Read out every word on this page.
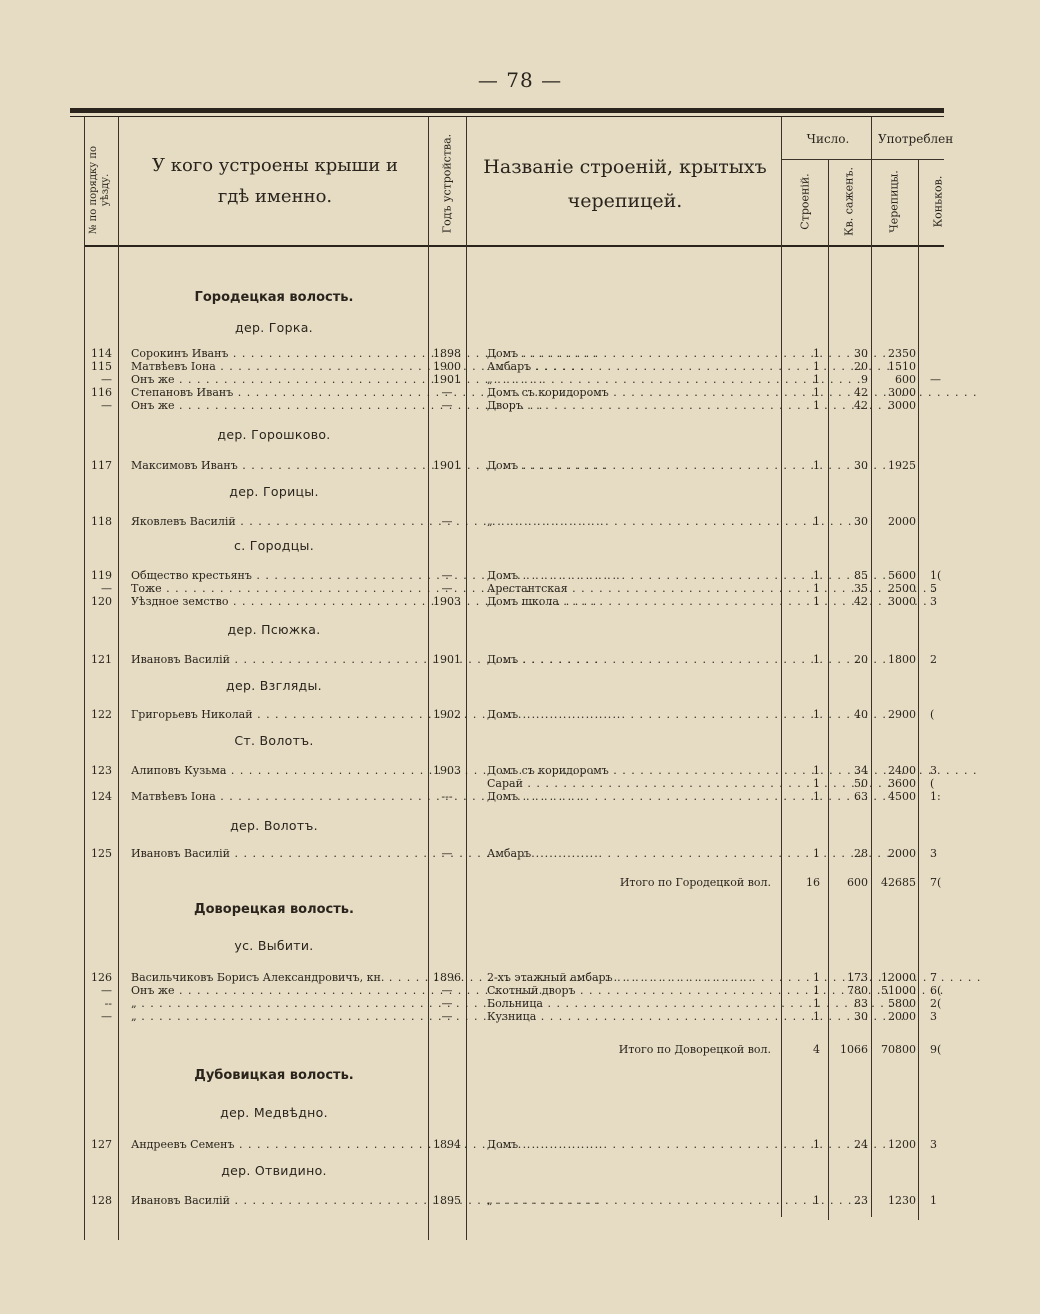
— 78 —
№ по порядку по уѣзду.
У кого устроены крыши и
гдѣ именно.	Годъ устройства.	Названіе строеній, крытыхъ
черепицей.
Число.
Строеній.	Кв. саженъ.
Употреблен
Черепицы.	Коньков.
Городецкая волость.
Доворецкая волость.
Дубовицкая волость.
дер. Горка.
дер. Горошково.
дер. Горицы.
с. Городцы.
дер. Псюжка.
дер. Взгляды.
Ст. Волотъ.
дер. Волотъ.
ус. Выбити.
дер. Медвѣдно.
дер. Отвидино.
114 Сорокинъ Иванъ . . .	1898 Домъ . . .	1	30	2350
115 Матвѣевъ Іона . . .	1900 Амбаръ . . .	1	20	1510
— Онъ же . . .	1901 „ . . .	1	9	600 —
116 Степановъ Иванъ . . .	—	Домъ съ коридоромъ . . .	1	42	3000
— Онъ же . . .	—	Дворъ . . .	1	42	3000
117 Максимовъ Иванъ . . .	1901 Домъ . . .	1	30	1925
118 Яковлевъ Василій . . .	—	„ . . .	1	30	2000
119 Общество крестьянъ . . .	—	Домъ . . .	1	85	5600 1(
— Тоже . . .	—	Арестантская . . .	1	35	2500 5
120 Уѣздное земство . . .	1903 Домъ школа . . .	1	42	3000 3
121 Ивановъ Василій . . .	1901 Домъ . . .	1	20	1800 2
122 Григорьевъ Николай . . .	1902 Домъ . . .	1	40	2900 (
123 Алиповъ Кузьма . . .	1903 Домъ съ коридоромъ . . .	1	34	2400 3
Сарай . . .	1	50	3600 (
124 Матвѣевъ Іона . . .	---	Домъ . . .	1	63	4500 1:
125 Ивановъ Василій . . .	—	Амбаръ . . .	1	28	2000 3
126 Васильчиковъ Борисъ Александровичъ, кн. . . .	1896 2-хъ этажный амбаръ . . .	1	173	12000 7
— Онъ же . . .	—	Скотный дворъ . . .	1	780	51000 6(
-- „ . . .	—	Больница . . .	1	83	5800 2(
— „ . . .	—	Кузница . . .	1	30	2000 3
127 Андреевъ Семенъ . . .	1894 Домъ . . .	1	24	1200 3
128 Ивановъ Василій . . .	1895 „ . . .	1	23	1230 1
Итого по Городецкой вол.	16	600	42685 7(
Итого по Доворецкой вол.	4	1066	70800 9(
